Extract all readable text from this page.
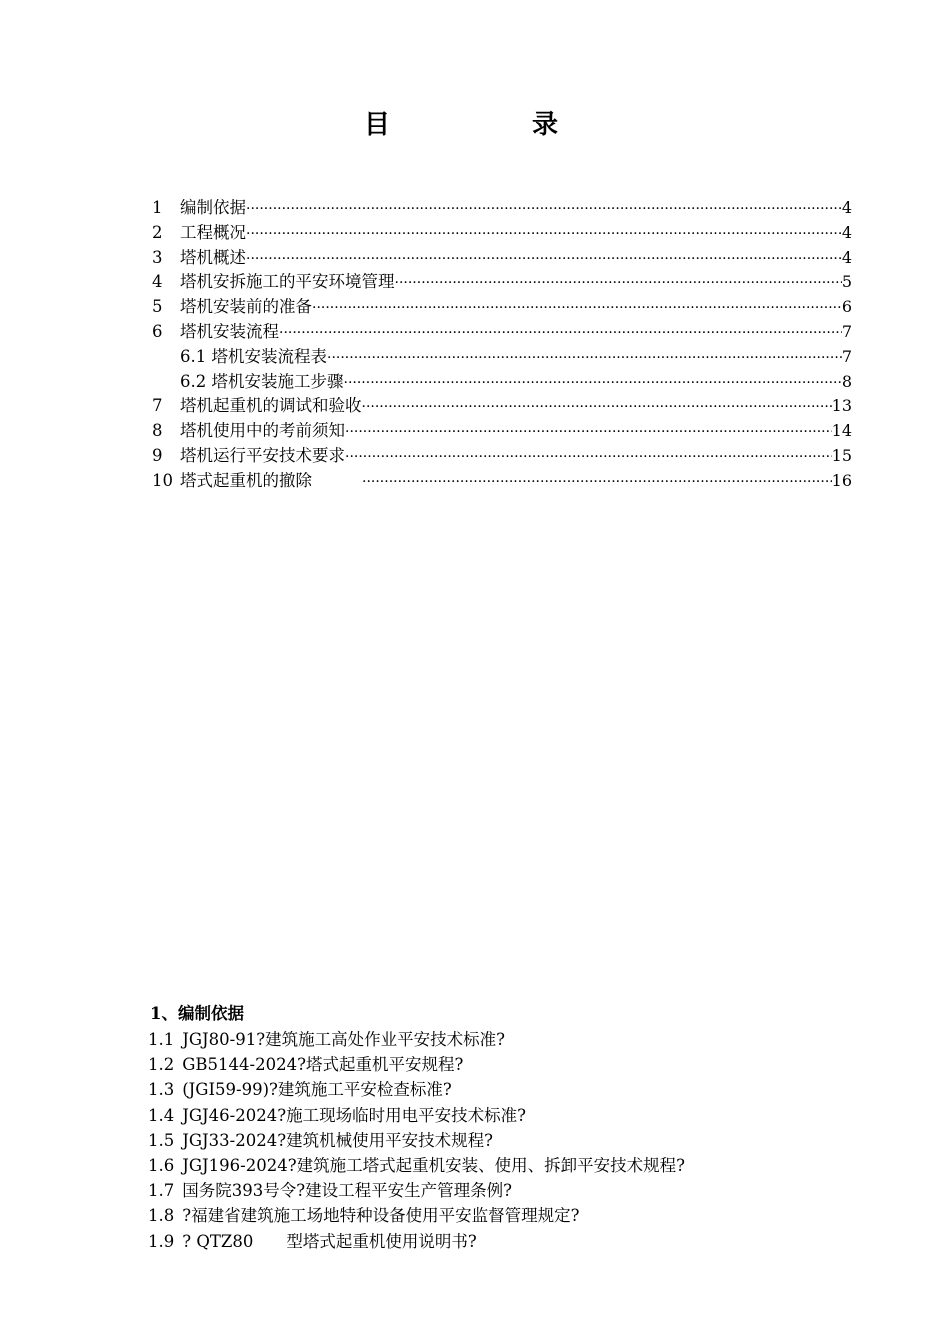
目　录
1	编制依据 ·····	4
2	工程概况 ·····	4
3	塔机概述 ·····	4
4	塔机安拆施工的平安环境管理 ·····	5
5	塔机安装前的准备 ·····	6
6	塔机安装流程 ·····	7
6.1 塔机安装流程表 ·····	7
6.2 塔机安装施工步骤 ·····	8
7	塔机起重机的调试和验收 ·····	13
8	塔机使用中的考前须知 ·····	14
9	塔机运行平安技术要求 ·····	15
10 塔式起重机的撤除 ·····	16
1、编制依据
1.1 JGJ80-91?建筑施工高处作业平安技术标准?
1.2 GB5144-2024?塔式起重机平安规程?
1.3 (JGI59-99)?建筑施工平安检查标准?
1.4 JGJ46-2024?施工现场临时用电平安技术标准?
1.5 JGJ33-2024?建筑机械使用平安技术规程?
1.6 JGJ196-2024?建筑施工塔式起重机安装、使用、拆卸平安技术规程?
1.7 国务院393号令?建设工程平安生产管理条例?
1.8 ?福建省建筑施工场地特种设备使用平安监督管理规定?
1.9 ? QTZ80　　型塔式起重机使用说明书?
